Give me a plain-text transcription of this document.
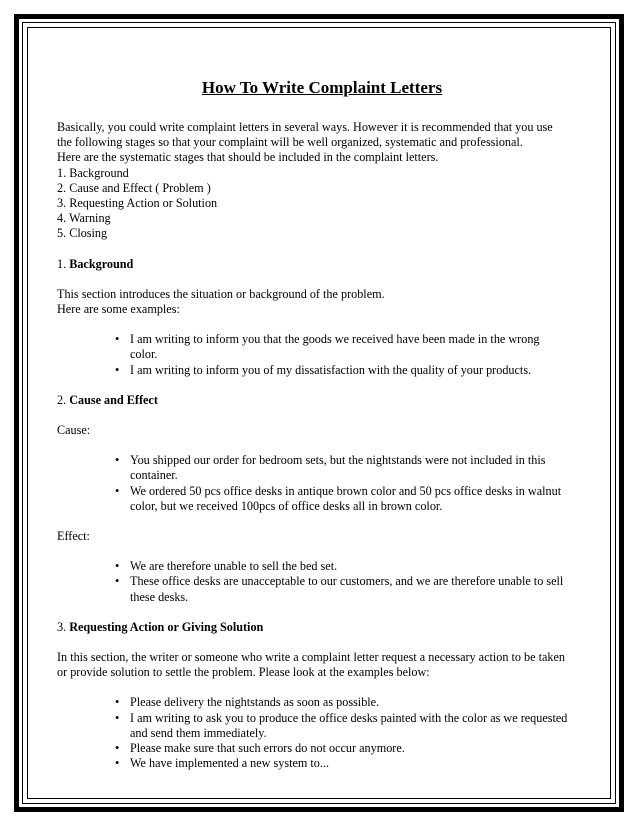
How To Write Complaint Letters

Basically, you could write complaint letters in several ways. However it is recommended that you use
the following stages so that your complaint will be well organized, systematic and professional.
Here are the systematic stages that should be included in the complaint letters.
1. Background
2. Cause and Effect ( Problem )
3. Requesting Action or Solution
4. Warning
5. Closing

1. Background

This section introduces the situation or background of the problem.
Here are some examples:

• I am writing to inform you that the goods we received have been made in the wrong
color.
• I am writing to inform you of my dissatisfaction with the quality of your products.

2. Cause and Effect

Cause:

• You shipped our order for bedroom sets, but the nightstands were not included in this
container.
• We ordered 50 pcs office desks in antique brown color and 50 pcs office desks in walnut
color, but we received 100pcs of office desks all in brown color.

Effect:

• We are therefore unable to sell the bed set.
• These office desks are unacceptable to our customers, and we are therefore unable to sell
these desks.

3. Requesting Action or Giving Solution

In this section, the writer or someone who write a complaint letter request a necessary action to be taken
or provide solution to settle the problem. Please look at the examples below:

• Please delivery the nightstands as soon as possible.
• I am writing to ask you to produce the office desks painted with the color as we requested
and send them immediately.
• Please make sure that such errors do not occur anymore.
• We have implemented a new system to...
